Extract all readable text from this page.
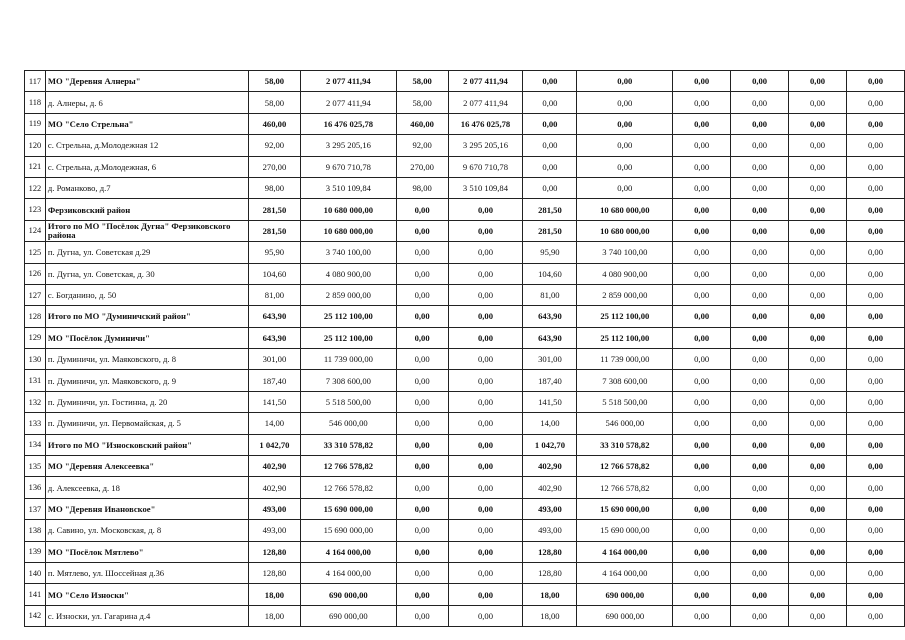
117	МО "Деревня Алнеры"	58,00	2 077 411,94	58,00	2 077 411,94	0,00	0,00	0,00	0,00	0,00	0,00
118	д. Алнеры, д. 6	58,00	2 077 411,94	58,00	2 077 411,94	0,00	0,00	0,00	0,00	0,00	0,00
119	МО "Село Стрельна"	460,00	16 476 025,78	460,00	16 476 025,78	0,00	0,00	0,00	0,00	0,00	0,00
120	с. Стрельна, д.Молодежная 12	92,00	3 295 205,16	92,00	3 295 205,16	0,00	0,00	0,00	0,00	0,00	0,00
121	с. Стрельна, д.Молодежная, 6	270,00	9 670 710,78	270,00	9 670 710,78	0,00	0,00	0,00	0,00	0,00	0,00
122	д. Романково, д.7	98,00	3 510 109,84	98,00	3 510 109,84	0,00	0,00	0,00	0,00	0,00	0,00
123	Ферзиковский район	281,50	10 680 000,00	0,00	0,00	281,50	10 680 000,00	0,00	0,00	0,00	0,00
124	Итого по МО "Посёлок Дугна" Ферзиковского района	281,50	10 680 000,00	0,00	0,00	281,50	10 680 000,00	0,00	0,00	0,00	0,00
125	п. Дугна, ул. Советская д.29	95,90	3 740 100,00	0,00	0,00	95,90	3 740 100,00	0,00	0,00	0,00	0,00
126	п. Дугна, ул. Советская, д. 30	104,60	4 080 900,00	0,00	0,00	104,60	4 080 900,00	0,00	0,00	0,00	0,00
127	с. Богданино, д. 50	81,00	2 859 000,00	0,00	0,00	81,00	2 859 000,00	0,00	0,00	0,00	0,00
128	Итого по МО "Думиничский район"	643,90	25 112 100,00	0,00	0,00	643,90	25 112 100,00	0,00	0,00	0,00	0,00
129	МО "Посёлок Думиничи"	643,90	25 112 100,00	0,00	0,00	643,90	25 112 100,00	0,00	0,00	0,00	0,00
130	п. Думиничи, ул. Маяковского, д. 8	301,00	11 739 000,00	0,00	0,00	301,00	11 739 000,00	0,00	0,00	0,00	0,00
131	п. Думиничи, ул. Маяковского, д. 9	187,40	7 308 600,00	0,00	0,00	187,40	7 308 600,00	0,00	0,00	0,00	0,00
132	п. Думиничи, ул. Гостинна, д. 20	141,50	5 518 500,00	0,00	0,00	141,50	5 518 500,00	0,00	0,00	0,00	0,00
133	п. Думиничи, ул. Первомайская, д. 5	14,00	546 000,00	0,00	0,00	14,00	546 000,00	0,00	0,00	0,00	0,00
134	Итого по МО "Износковский район"	1 042,70	33 310 578,82	0,00	0,00	1 042,70	33 310 578,82	0,00	0,00	0,00	0,00
135	МО "Деревня Алексеевка"	402,90	12 766 578,82	0,00	0,00	402,90	12 766 578,82	0,00	0,00	0,00	0,00
136	д. Алексеевка, д. 18	402,90	12 766 578,82	0,00	0,00	402,90	12 766 578,82	0,00	0,00	0,00	0,00
137	МО "Деревня Ивановское"	493,00	15 690 000,00	0,00	0,00	493,00	15 690 000,00	0,00	0,00	0,00	0,00
138	д. Савино, ул. Московская, д. 8	493,00	15 690 000,00	0,00	0,00	493,00	15 690 000,00	0,00	0,00	0,00	0,00
139	МО "Посёлок Мятлево"	128,80	4 164 000,00	0,00	0,00	128,80	4 164 000,00	0,00	0,00	0,00	0,00
140	п. Мятлево, ул. Шоссейная д.36	128,80	4 164 000,00	0,00	0,00	128,80	4 164 000,00	0,00	0,00	0,00	0,00
141	МО "Село Износки"	18,00	690 000,00	0,00	0,00	18,00	690 000,00	0,00	0,00	0,00	0,00
142	с. Износки, ул. Гагарина д.4	18,00	690 000,00	0,00	0,00	18,00	690 000,00	0,00	0,00	0,00	0,00
